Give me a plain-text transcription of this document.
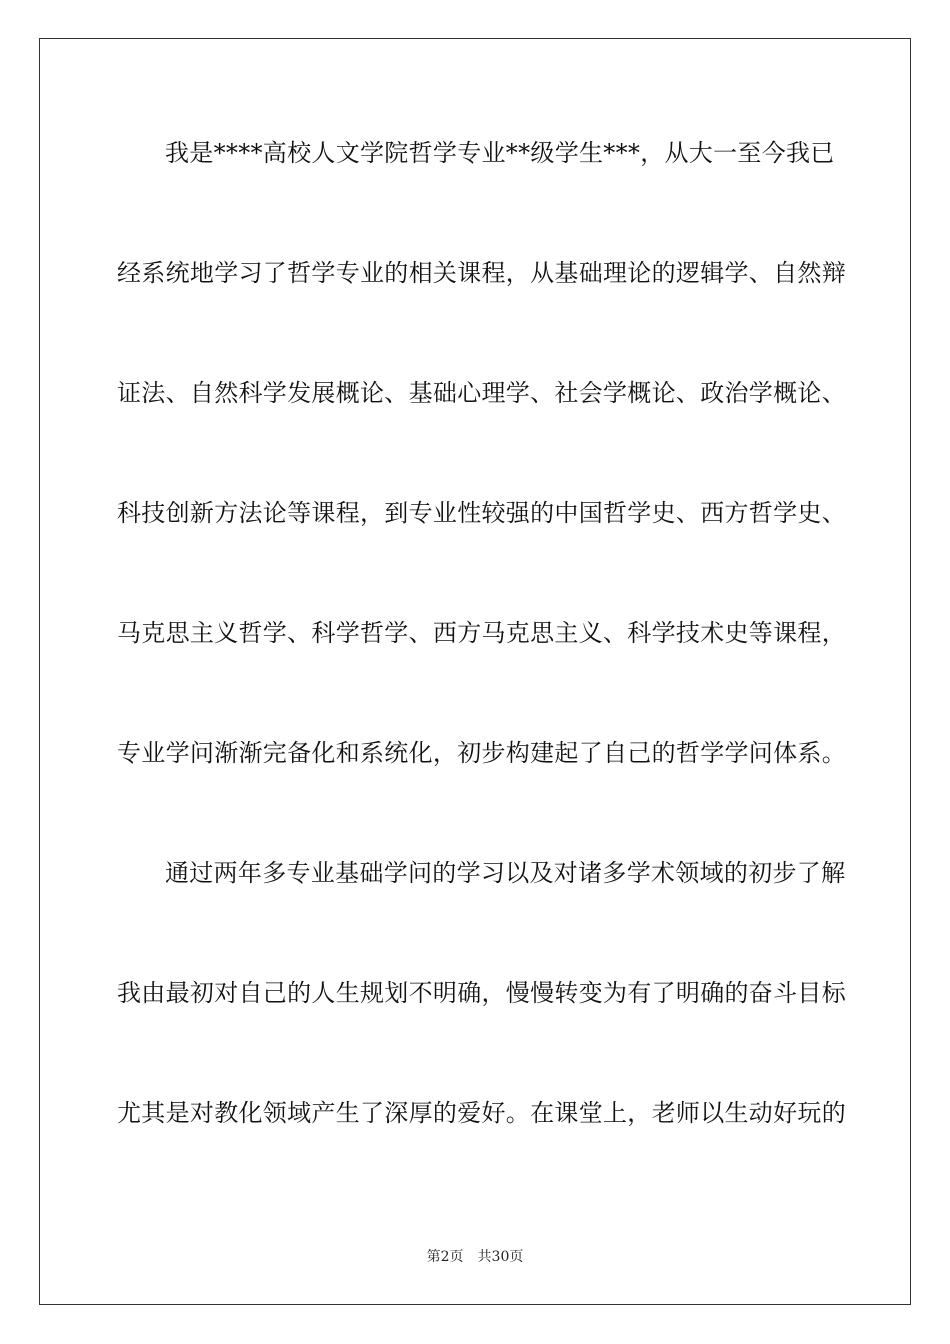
我是****高校人文学院哲学专业**级学生***，从大一至今我已
经系统地学习了哲学专业的相关课程，从基础理论的逻辑学、自然辩
证法、自然科学发展概论、基础心理学、社会学概论、政治学概论、
科技创新方法论等课程，到专业性较强的中国哲学史、西方哲学史、
马克思主义哲学、科学哲学、西方马克思主义、科学技术史等课程，
专业学问渐渐完备化和系统化，初步构建起了自己的哲学学问体系。
通过两年多专业基础学问的学习以及对诸多学术领域的初步了解
我由最初对自己的人生规划不明确，慢慢转变为有了明确的奋斗目标
尤其是对教化领域产生了深厚的爱好。在课堂上，老师以生动好玩的
第2页 共30页
